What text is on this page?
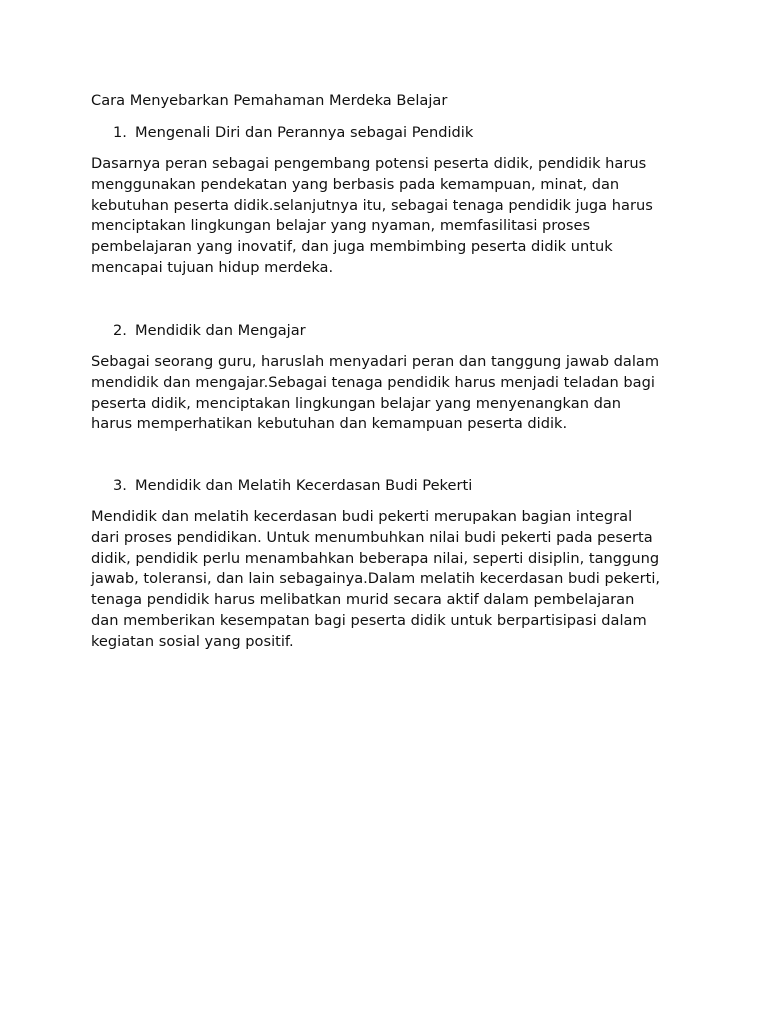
Cara Menyebarkan Pemahaman Merdeka Belajar
1. Mengenali Diri dan Perannya sebagai Pendidik
Dasarnya peran sebagai pengembang potensi peserta didik, pendidik harus
menggunakan pendekatan yang berbasis pada kemampuan, minat, dan
kebutuhan peserta didik.selanjutnya itu, sebagai tenaga pendidik juga harus
menciptakan lingkungan belajar yang nyaman, memfasilitasi proses
pembelajaran yang inovatif, dan juga membimbing peserta didik untuk
mencapai tujuan hidup merdeka.
2. Mendidik dan Mengajar
Sebagai seorang guru, haruslah menyadari peran dan tanggung jawab dalam
mendidik dan mengajar.Sebagai tenaga pendidik harus menjadi teladan bagi
peserta didik, menciptakan lingkungan belajar yang menyenangkan dan
harus memperhatikan kebutuhan dan kemampuan peserta didik.
3. Mendidik dan Melatih Kecerdasan Budi Pekerti
Mendidik dan melatih kecerdasan budi pekerti merupakan bagian integral
dari proses pendidikan. Untuk menumbuhkan nilai budi pekerti pada peserta
didik, pendidik perlu menambahkan beberapa nilai, seperti disiplin, tanggung
jawab, toleransi, dan lain sebagainya.Dalam melatih kecerdasan budi pekerti,
tenaga pendidik harus melibatkan murid secara aktif dalam pembelajaran
dan memberikan kesempatan bagi peserta didik untuk berpartisipasi dalam
kegiatan sosial yang positif.
